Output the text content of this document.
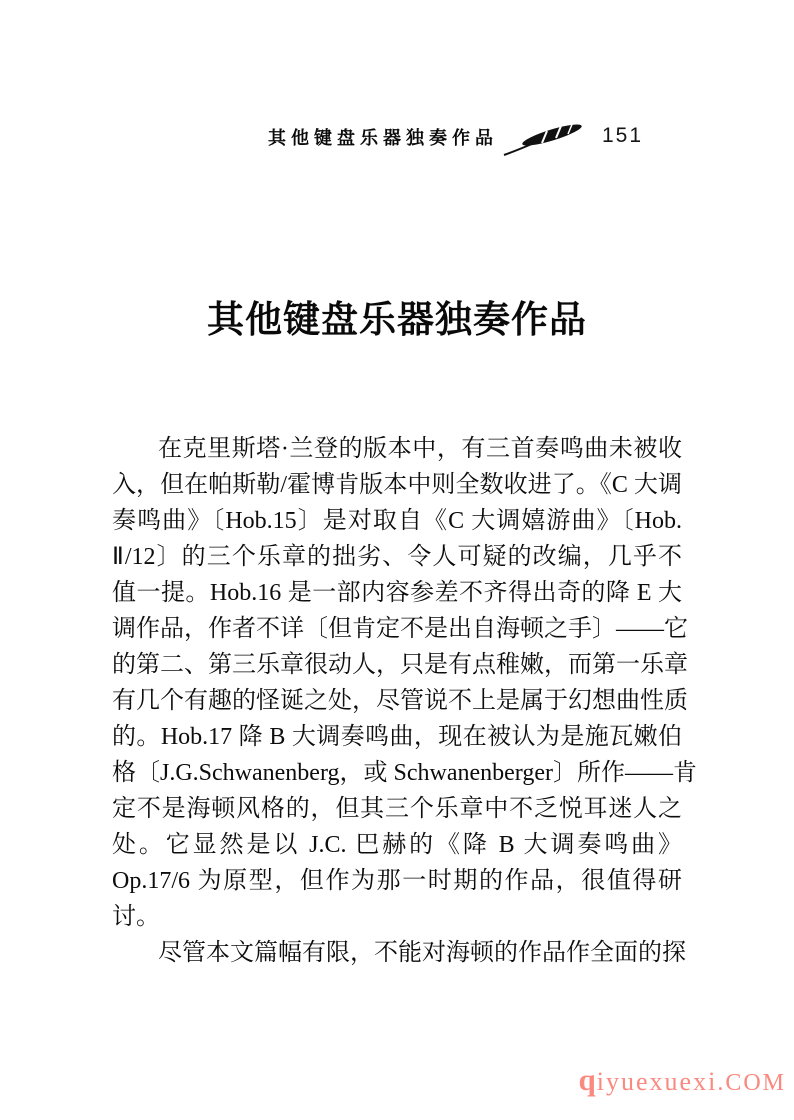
其他键盘乐器独奏作品	151
其他键盘乐器独奏作品
在克里斯塔·兰登的版本中，有三首奏鸣曲未被收
入，但在帕斯勒/霍博肯版本中则全数收进了。《C 大调
奏鸣曲》〔Hob.15〕是对取自《C 大调嬉游曲》〔Hob.
Ⅱ/12〕的三个乐章的拙劣、令人可疑的改编，几乎不
值一提。Hob.16 是一部内容参差不齐得出奇的降 E 大
调作品，作者不详〔但肯定不是出自海顿之手〕——它
的第二、第三乐章很动人，只是有点稚嫩，而第一乐章
有几个有趣的怪诞之处，尽管说不上是属于幻想曲性质
的。Hob.17 降 B 大调奏鸣曲，现在被认为是施瓦嫩伯
格〔J.G.Schwanenberg，或 Schwanenberger〕所作——肯
定不是海顿风格的，但其三个乐章中不乏悦耳迷人之
处。它显然是以 J.C. 巴赫的《降 B 大调奏鸣曲》
Op.17/6 为原型，但作为那一时期的作品，很值得研
讨。
尽管本文篇幅有限，不能对海顿的作品作全面的探
qiyuexuexi.COM
